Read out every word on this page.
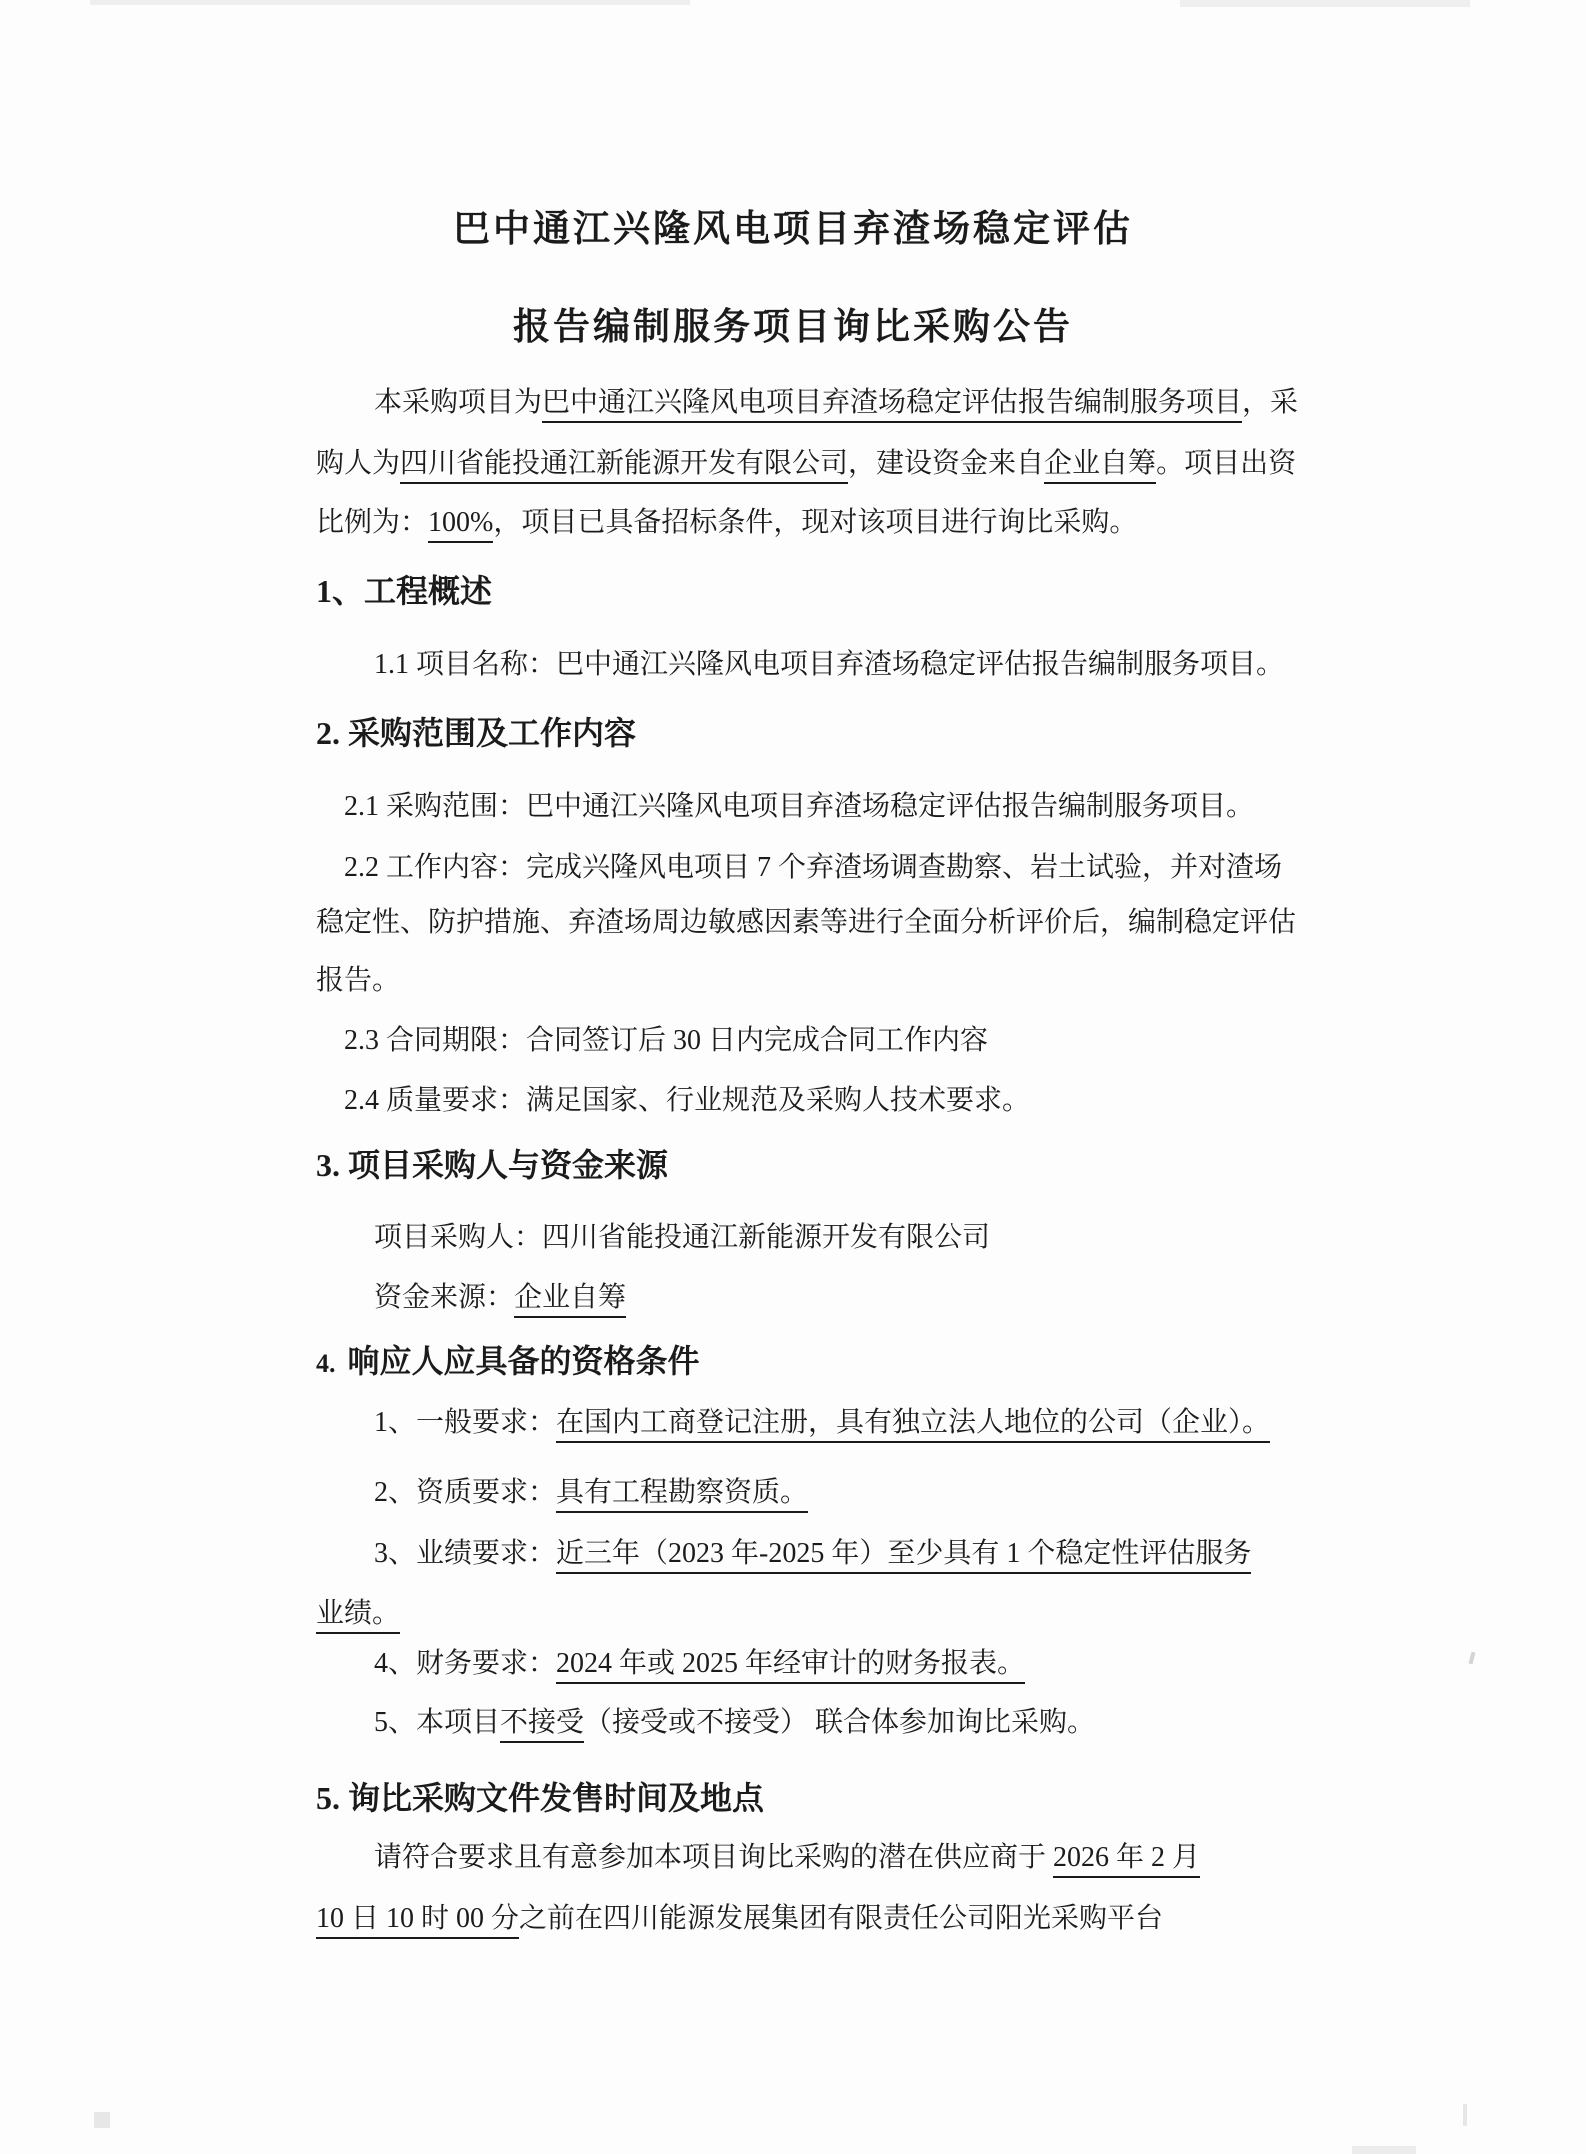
巴中通江兴隆风电项目弃渣场稳定评估
报告编制服务项目询比采购公告
本采购项目为巴中通江兴隆风电项目弃渣场稳定评估报告编制服务项目，采
购人为四川省能投通江新能源开发有限公司，建设资金来自企业自筹。项目出资
比例为：100%，项目已具备招标条件，现对该项目进行询比采购。
1、工程概述
1.1 项目名称：巴中通江兴隆风电项目弃渣场稳定评估报告编制服务项目。
2. 采购范围及工作内容
2.1 采购范围：巴中通江兴隆风电项目弃渣场稳定评估报告编制服务项目。
2.2 工作内容：完成兴隆风电项目 7 个弃渣场调查勘察、岩土试验，并对渣场
稳定性、防护措施、弃渣场周边敏感因素等进行全面分析评价后，编制稳定评估
报告。
2.3 合同期限：合同签订后 30 日内完成合同工作内容
2.4 质量要求：满足国家、行业规范及采购人技术要求。
3. 项目采购人与资金来源
项目采购人：四川省能投通江新能源开发有限公司
资金来源：企业自筹
4. 响应人应具备的资格条件
1、一般要求：在国内工商登记注册，具有独立法人地位的公司（企业）。
2、资质要求：具有工程勘察资质。
3、业绩要求：近三年（2023 年-2025 年）至少具有 1 个稳定性评估服务
业绩。
4、财务要求：2024 年或 2025 年经审计的财务报表。
5、本项目不接受（接受或不接受） 联合体参加询比采购。
5. 询比采购文件发售时间及地点
请符合要求且有意参加本项目询比采购的潜在供应商于 2026 年 2 月
10 日 10 时 00 分之前在四川能源发展集团有限责任公司阳光采购平台
